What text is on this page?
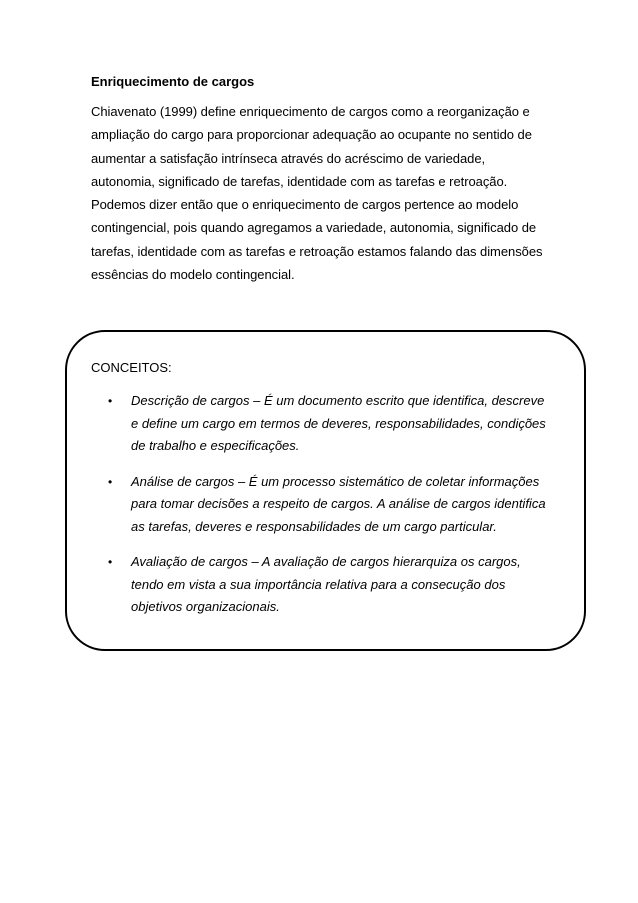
Enriquecimento de cargos

Chiavenato (1999) define enriquecimento de cargos como a reorganização e ampliação do cargo para proporcionar adequação ao ocupante no sentido de aumentar a satisfação intrínseca através do acréscimo de variedade, autonomia, significado de tarefas, identidade com as tarefas e retroação. Podemos dizer então que o enriquecimento de cargos pertence ao modelo contingencial, pois quando agregamos a variedade, autonomia, significado de tarefas, identidade com as tarefas e retroação estamos falando das dimensões essências do modelo contingencial.

CONCEITOS:

• Descrição de cargos – É um documento escrito que identifica, descreve e define um cargo em termos de deveres, responsabilidades, condições de trabalho e especificações.
• Análise de cargos – É um processo sistemático de coletar informações para tomar decisões a respeito de cargos. A análise de cargos identifica as tarefas, deveres e responsabilidades de um cargo particular.
• Avaliação de cargos – A avaliação de cargos hierarquiza os cargos, tendo em vista a sua importância relativa para a consecução dos objetivos organizacionais.
